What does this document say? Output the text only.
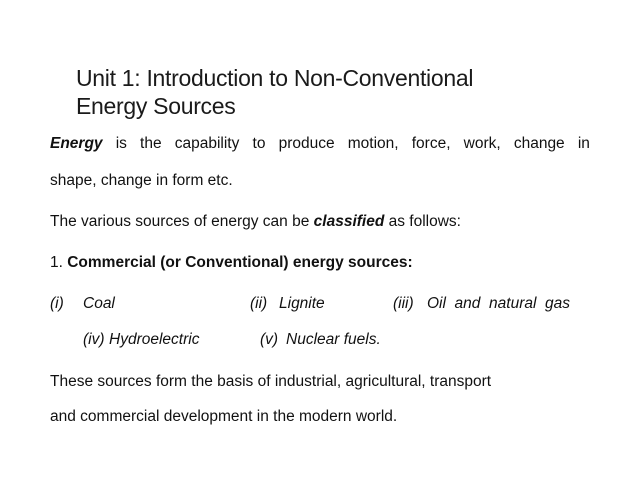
Unit 1: Introduction to Non-Conventional
Energy Sources
Energy is the capability to produce motion, force, work, change in
shape, change in form etc.
The various sources of energy can be classified as follows:
1. Commercial (or Conventional) energy sources:
(i) Coal	(ii) Lignite	(iii) Oil  and  natural  gas
(iv) Hydroelectric	(v) Nuclear fuels.
These sources form the basis of industrial, agricultural, transport
and commercial development in the modern world.
